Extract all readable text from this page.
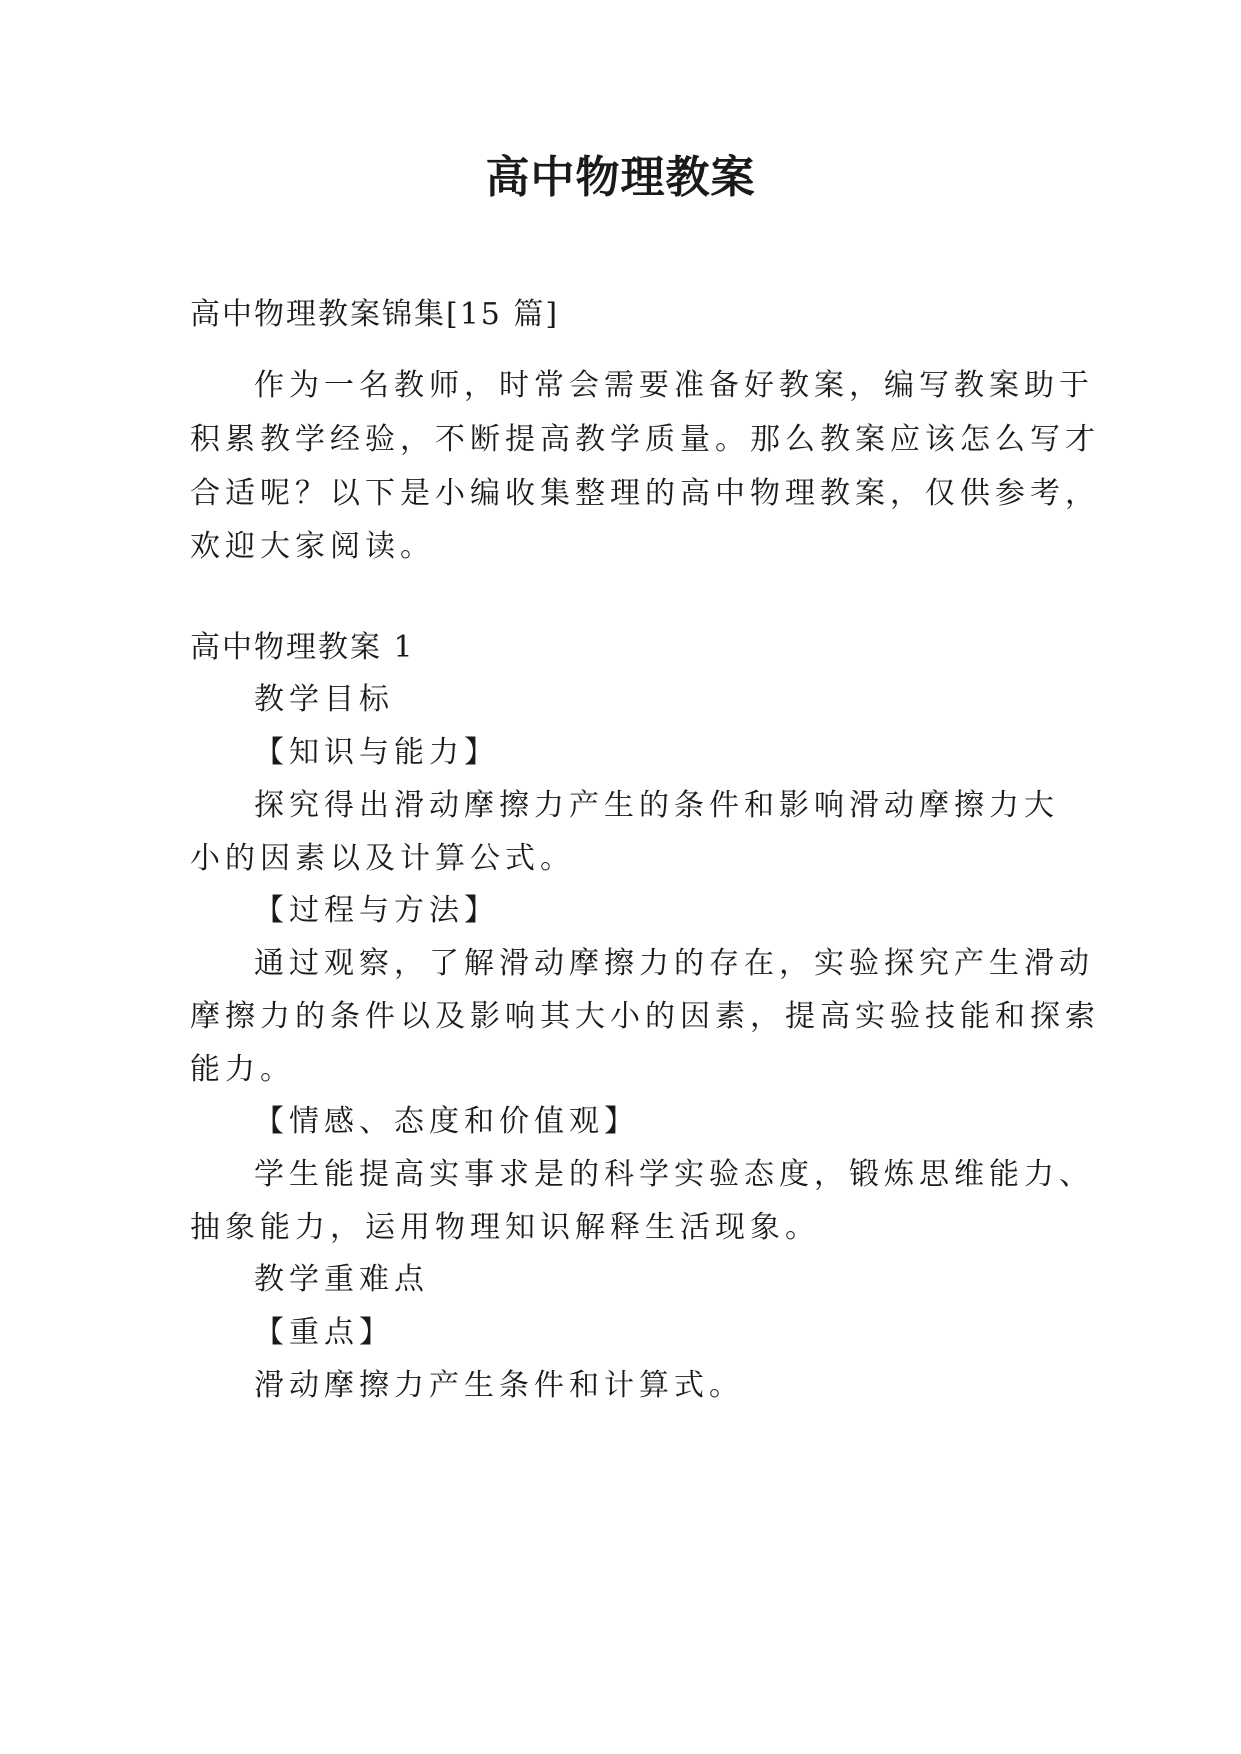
高中物理教案

高中物理教案锦集[15 篇]

作为一名教师，时常会需要准备好教案，编写教案助于

积累教学经验，不断提高教学质量。那么教案应该怎么写才

合适呢？以下是小编收集整理的高中物理教案，仅供参考，

欢迎大家阅读。

高中物理教案 1

教学目标

【知识与能力】

探究得出滑动摩擦力产生的条件和影响滑动摩擦力大

小的因素以及计算公式。

【过程与方法】

通过观察，了解滑动摩擦力的存在，实验探究产生滑动

摩擦力的条件以及影响其大小的因素，提高实验技能和探索

能力。

【情感、态度和价值观】

学生能提高实事求是的科学实验态度，锻炼思维能力、

抽象能力，运用物理知识解释生活现象。

教学重难点

【重点】

滑动摩擦力产生条件和计算式。
